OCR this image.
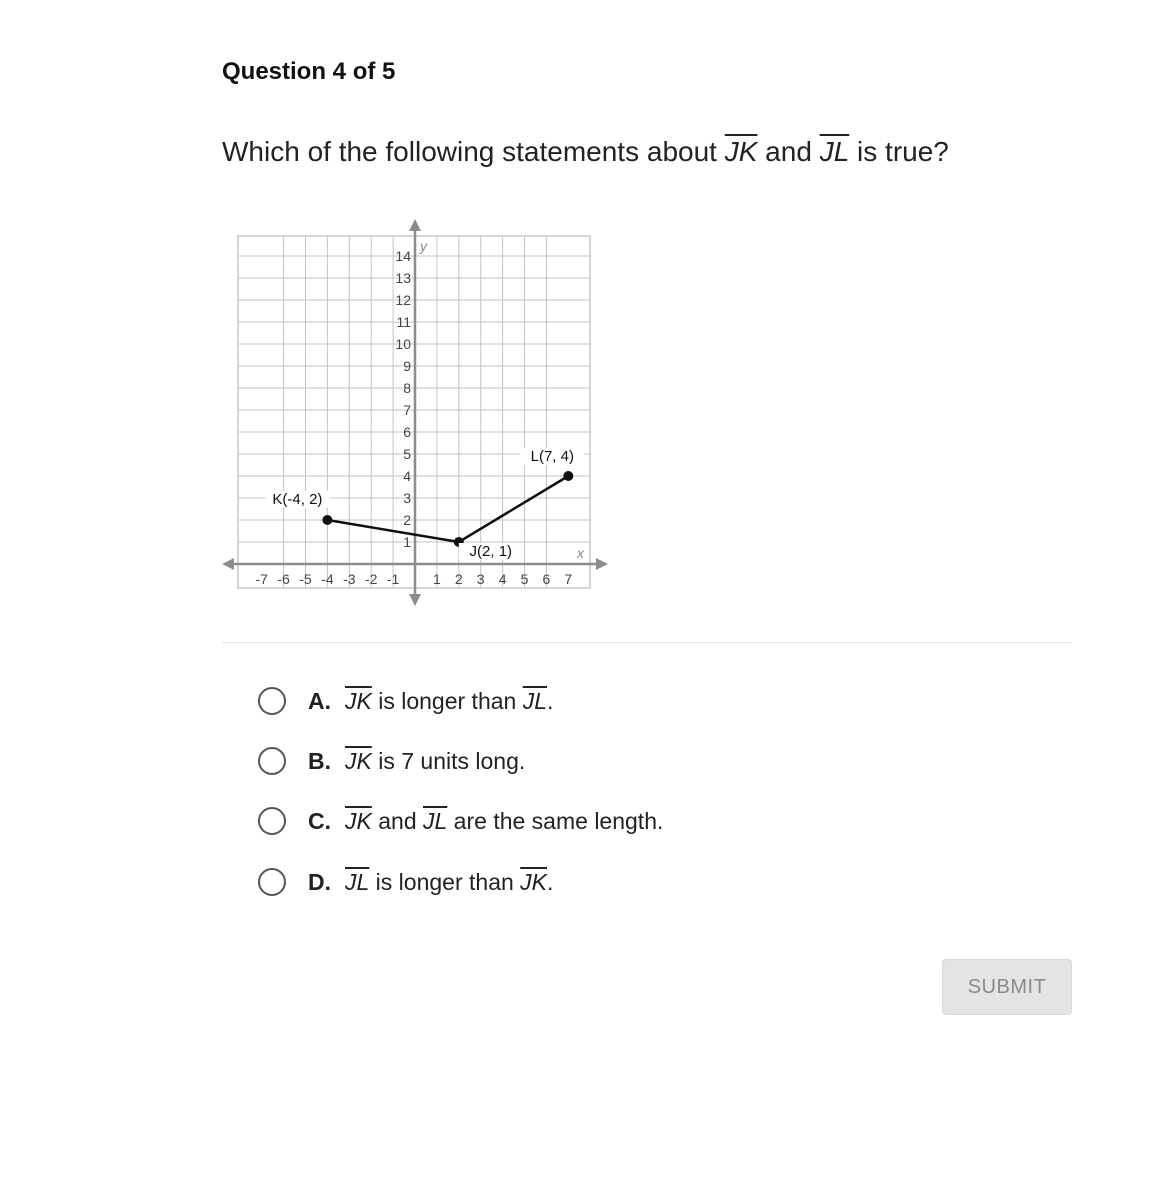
Question 4 of 5
Which of the following statements about $\overline{JK}$ and $\overline{JL}$ is true?
x
y
-7 -6 -5 -4 -3 -2 -1 1 2 3 4 5 6 7
1
2
3
4
5
6
7
8
9
10
11
12
13
14
K(-4, 2)
J(2, 1)
L(7, 4)
A. $\overline{JK}$ is longer than $\overline{JL}$ .
B. $\overline{JK}$ is 7 units long.
C. $\overline{JK}$ and $\overline{JL}$ are the same length.
D. $\overline{JL}$ is longer than $\overline{JK}$ .
SUBMIT
